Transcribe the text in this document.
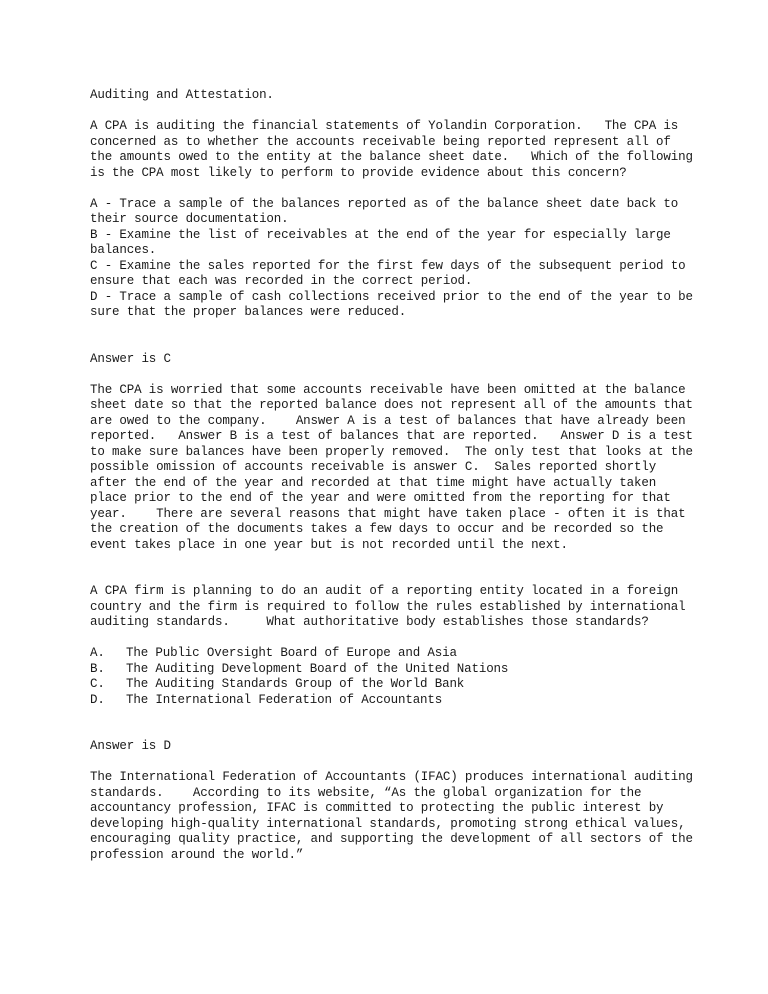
Auditing and Attestation.
A CPA is auditing the financial statements of Yolandin Corporation.   The CPA is
concerned as to whether the accounts receivable being reported represent all of
the amounts owed to the entity at the balance sheet date.   Which of the following
is the CPA most likely to perform to provide evidence about this concern?
A - Trace a sample of the balances reported as of the balance sheet date back to
their source documentation.
B - Examine the list of receivables at the end of the year for especially large
balances.
C - Examine the sales reported for the first few days of the subsequent period to
ensure that each was recorded in the correct period.
D - Trace a sample of cash collections received prior to the end of the year to be
sure that the proper balances were reduced.
Answer is C
The CPA is worried that some accounts receivable have been omitted at the balance
sheet date so that the reported balance does not represent all of the amounts that
are owed to the company.    Answer A is a test of balances that have already been
reported.   Answer B is a test of balances that are reported.   Answer D is a test
to make sure balances have been properly removed.  The only test that looks at the
possible omission of accounts receivable is answer C.  Sales reported shortly
after the end of the year and recorded at that time might have actually taken
place prior to the end of the year and were omitted from the reporting for that
year.    There are several reasons that might have taken place - often it is that
the creation of the documents takes a few days to occur and be recorded so the
event takes place in one year but is not recorded until the next.
A CPA firm is planning to do an audit of a reporting entity located in a foreign
country and the firm is required to follow the rules established by international
auditing standards.     What authoritative body establishes those standards?
A. The Public Oversight Board of Europe and Asia
B. The Auditing Development Board of the United Nations
C. The Auditing Standards Group of the World Bank
D. The International Federation of Accountants
Answer is D
The International Federation of Accountants (IFAC) produces international auditing
standards.    According to its website, “As the global organization for the
accountancy profession, IFAC is committed to protecting the public interest by
developing high-quality international standards, promoting strong ethical values,
encouraging quality practice, and supporting the development of all sectors of the
profession around the world.”
